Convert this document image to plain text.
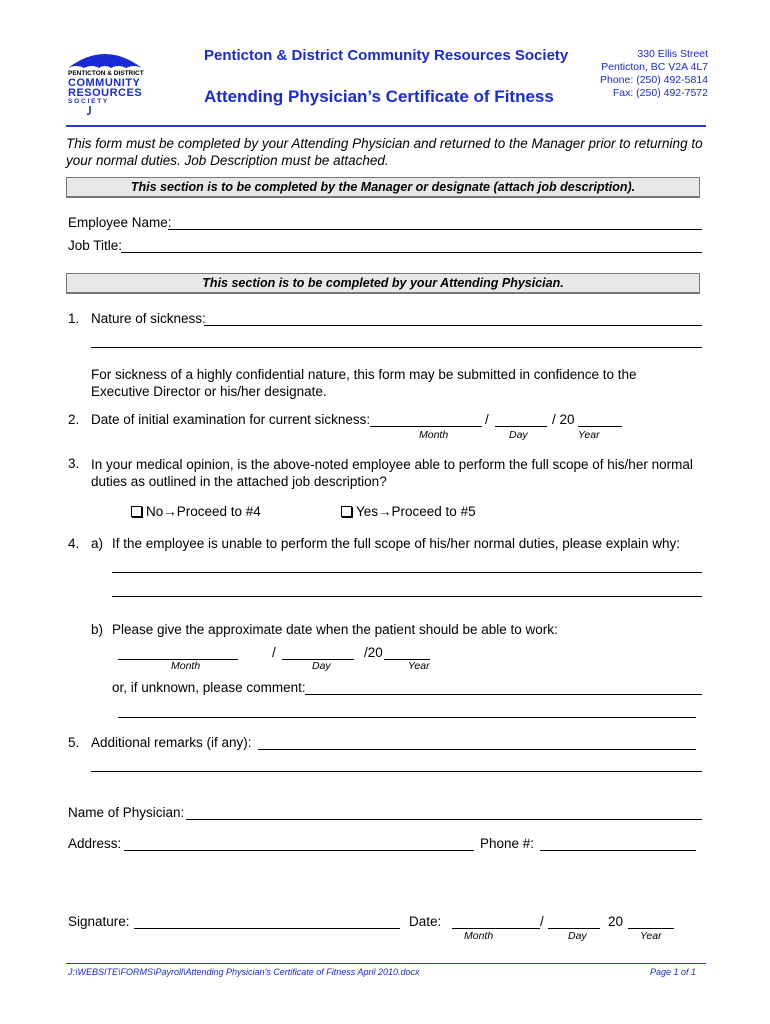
PENTICTON & DISTRICT
COMMUNITY
RESOURCES
S O C I E T Y
Penticton & District Community Resources Society
Attending Physician’s Certificate of Fitness
330 Ellis Street
Penticton, BC V2A 4L7
Phone: (250) 492-5814
Fax: (250) 492-7572
This form must be completed by your Attending Physician and returned to the Manager prior to returning to your normal duties. Job Description must be attached.
This section is to be completed by the Manager or designate (attach job description).
Employee Name:
Job Title:
This section is to be completed by your Attending Physician.
1. Nature of sickness:
For sickness of a highly confidential nature, this form may be submitted in confidence to the Executive Director or his/her designate.
2. Date of initial examination for current sickness:	/	/ 20
Month	Day	Year
3. In your medical opinion, is the above-noted employee able to perform the full scope of his/her normal duties as outlined in the attached job description?
No→Proceed to #4	Yes→Proceed to #5
4. a) If the employee is unable to perform the full scope of his/her normal duties, please explain why:
b) Please give the approximate date when the patient should be able to work:
/	/20
Month	Day	Year
or, if unknown, please comment:
5. Additional remarks (if any):
Name of Physician:
Address:	Phone #:
Signature:	Date:	/	20
Month	Day	Year
J:\WEBSITE\FORMS\Payroll\Attending Physician's Certificate of Fitness April 2010.docx	Page 1 of 1
